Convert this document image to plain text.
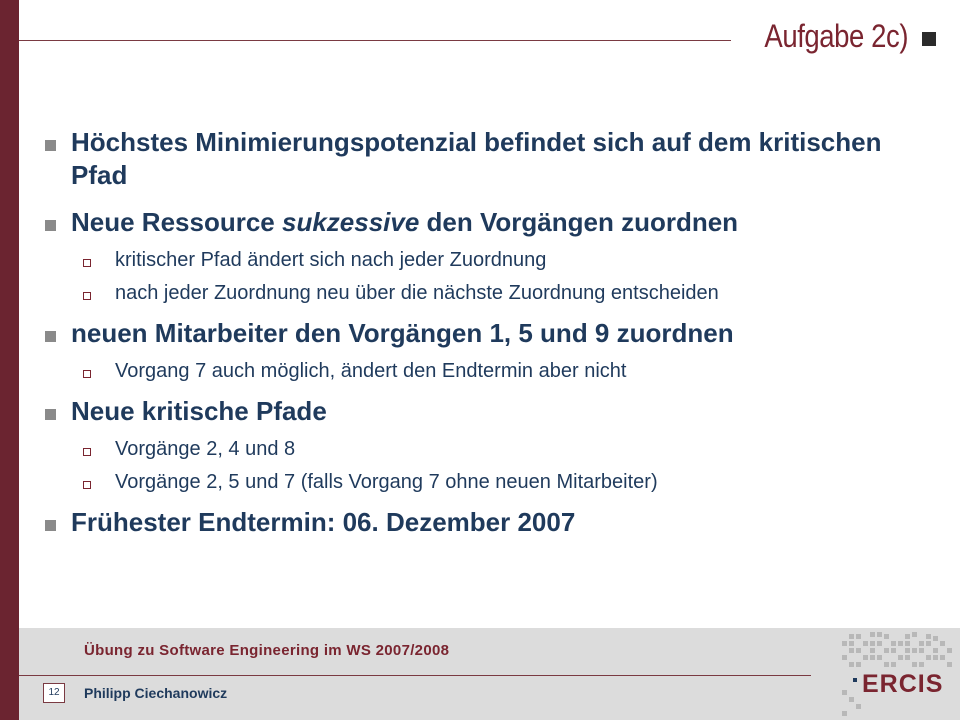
Aufgabe 2c)
Höchstes Minimierungspotenzial befindet sich auf dem kritischen Pfad
Neue Ressource sukzessive den Vorgängen zuordnen
kritischer Pfad ändert sich nach jeder Zuordnung
nach jeder Zuordnung neu über die nächste Zuordnung entscheiden
neuen Mitarbeiter den Vorgängen 1, 5 und 9 zuordnen
Vorgang 7 auch möglich, ändert den Endtermin aber nicht
Neue kritische Pfade
Vorgänge 2, 4 und 8
Vorgänge 2, 5 und 7 (falls Vorgang 7 ohne neuen Mitarbeiter)
Frühester Endtermin: 06. Dezember 2007
Übung zu Software Engineering im WS 2007/2008
12	Philipp Ciechanowicz	ERCIS
